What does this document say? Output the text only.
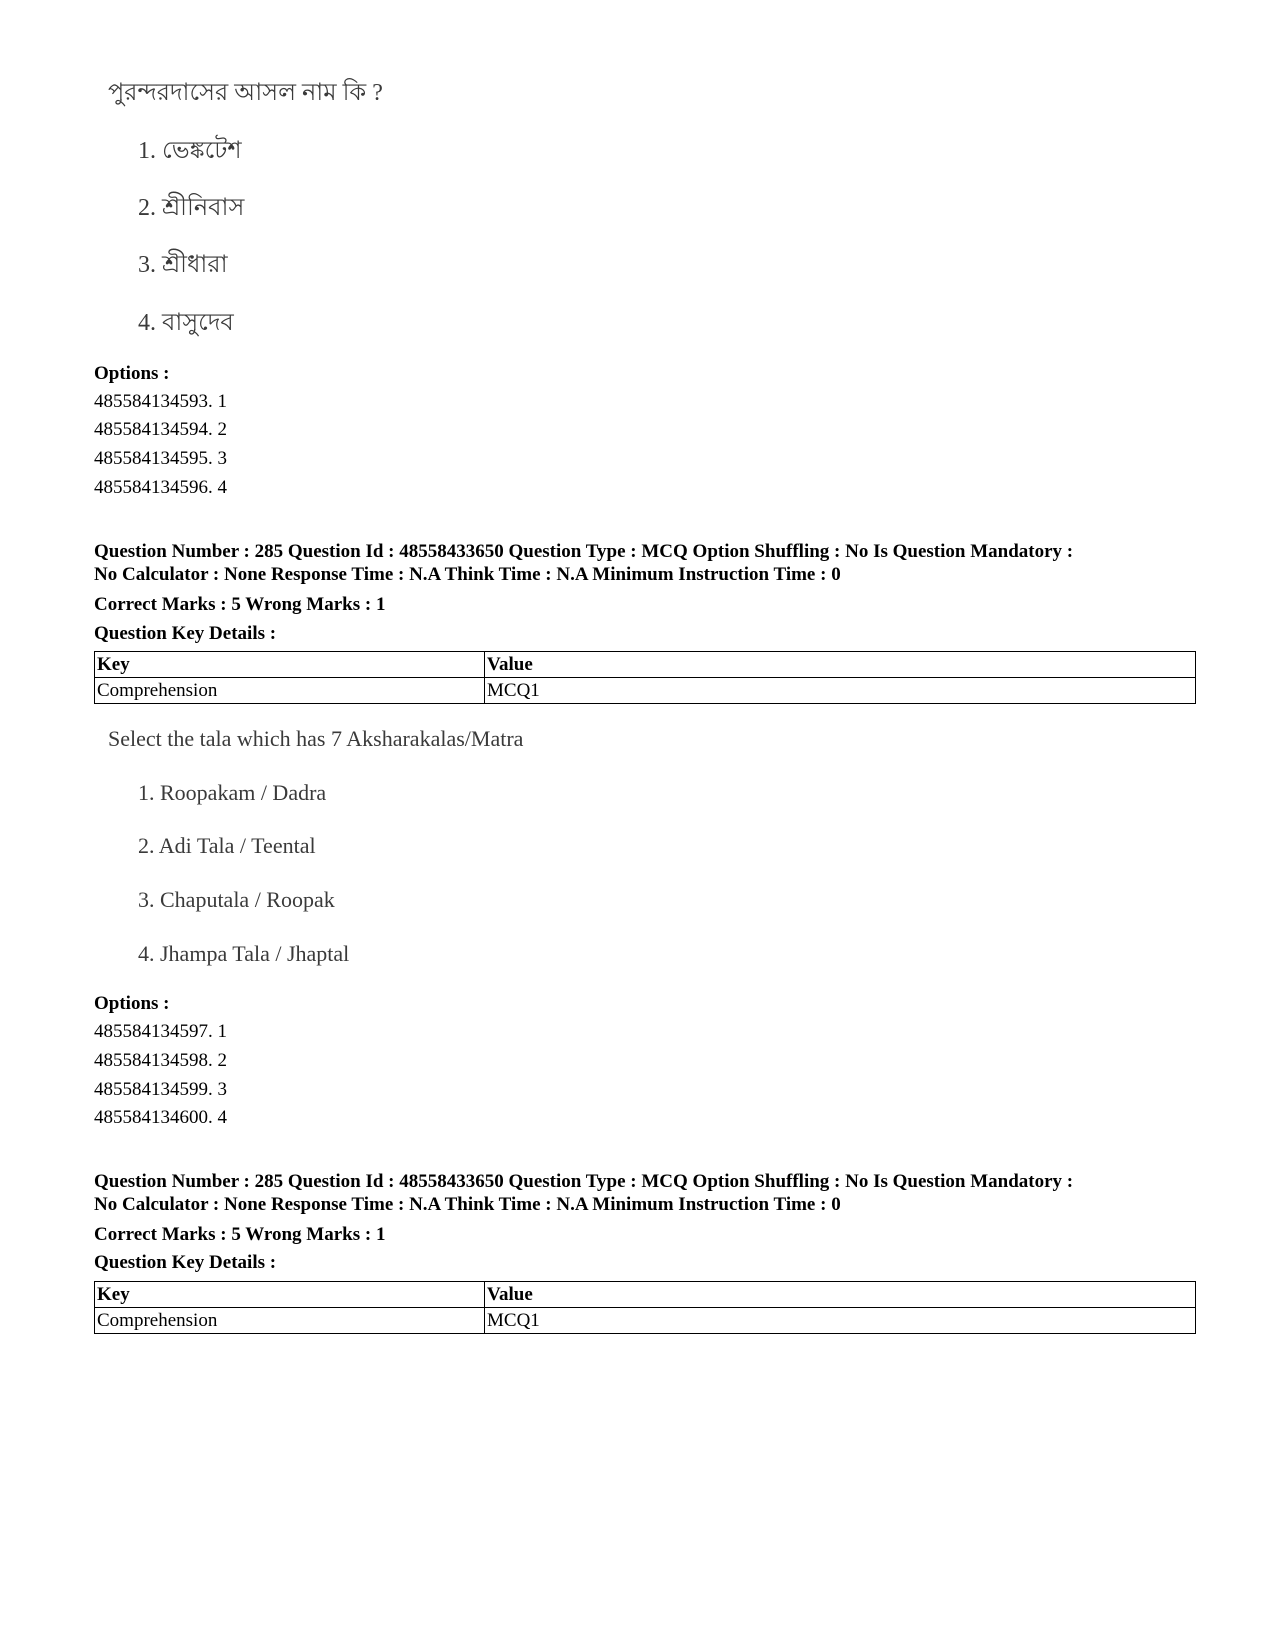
পুরন্দরদাসের আসল নাম কি ?
1. ভেঙ্কটেশ
2. শ্রীনিবাস
3. শ্রীধারা
4. বাসুদেব
Options :
485584134593. 1
485584134594. 2
485584134595. 3
485584134596. 4
Question Number : 285 Question Id : 48558433650 Question Type : MCQ Option Shuffling : No Is Question Mandatory :
No Calculator : None Response Time : N.A Think Time : N.A Minimum Instruction Time : 0
Correct Marks : 5 Wrong Marks : 1
Question Key Details :
Key	Value
Comprehension	MCQ1
Select the tala which has 7 Aksharakalas/Matra
1. Roopakam / Dadra
2. Adi Tala / Teental
3. Chaputala / Roopak
4. Jhampa Tala / Jhaptal
Options :
485584134597. 1
485584134598. 2
485584134599. 3
485584134600. 4
Question Number : 285 Question Id : 48558433650 Question Type : MCQ Option Shuffling : No Is Question Mandatory :
No Calculator : None Response Time : N.A Think Time : N.A Minimum Instruction Time : 0
Correct Marks : 5 Wrong Marks : 1
Question Key Details :
Key	Value
Comprehension	MCQ1
